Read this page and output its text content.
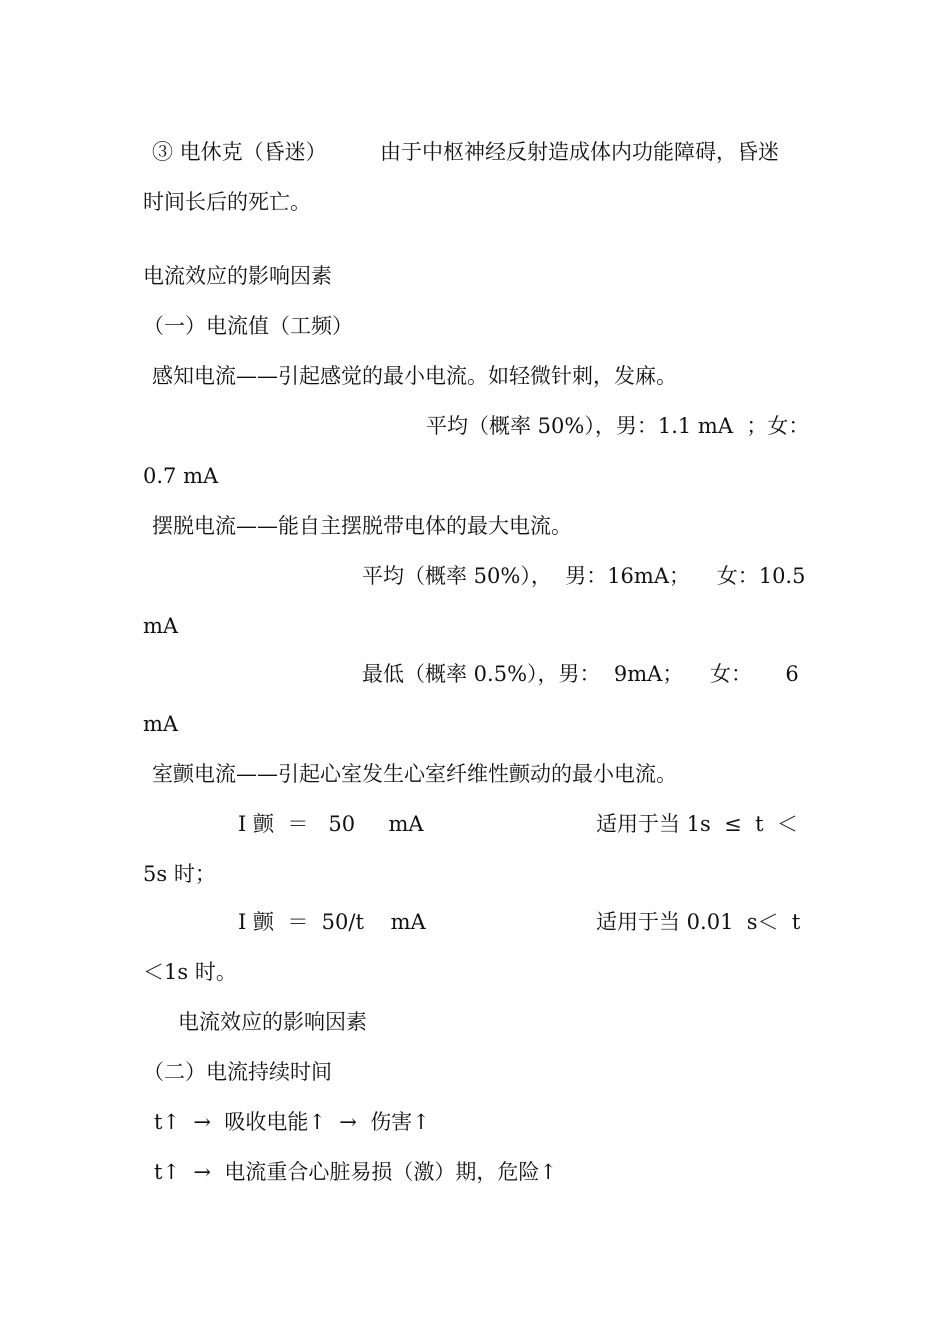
③ 电休克（昏迷）	由于中枢神经反射造成体内功能障碍，昏迷
时间长后的死亡。
电流效应的影响因素
（一）电流值（工频）
感知电流——引起感觉的最小电流。如轻微针刺，发麻。
平均（概率 50%），男：1.1 mA  ；女：
0.7 mA
摆脱电流——能自主摆脱带电体的最大电流。
平均（概率 50%），  男：16mA；    女：10.5
mA
最低（概率 0.5%），男：  9mA；    女：     6
mA
室颤电流——引起心室发生心室纤维性颤动的最小电流。
I 颤  ＝   50     mA	适用于当 1s  ≤  t  ＜
5s 时；
I 颤  ＝  50/t    mA	适用于当 0.01  s＜  t
＜1s 时。
电流效应的影响因素
（二）电流持续时间
t↑  →  吸收电能↑  →  伤害↑
t↑  →  电流重合心脏易损（激）期，危险↑
